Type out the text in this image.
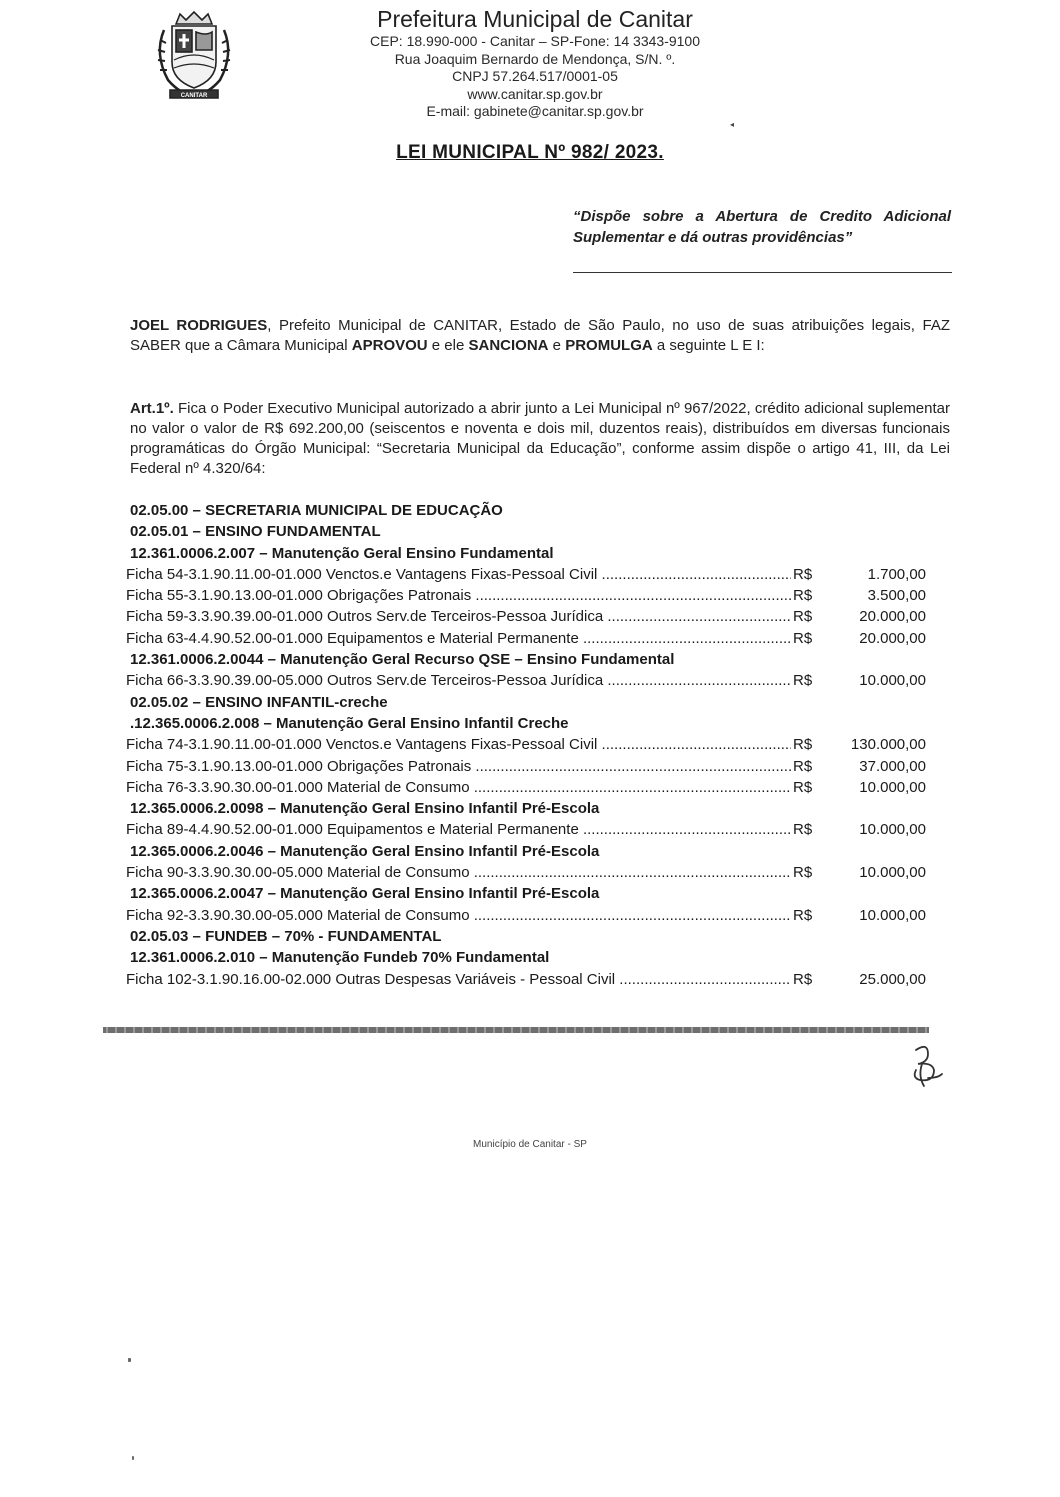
CANITAR
Prefeitura Municipal de Canitar
CEP: 18.990-000 - Canitar – SP-Fone: 14 3343-9100
Rua Joaquim Bernardo de Mendonça, S/N. º.
CNPJ 57.264.517/0001-05
www.canitar.sp.gov.br
E-mail: gabinete@canitar.sp.gov.br
◂
LEI MUNICIPAL Nº 982/ 2023.
“Dispõe sobre a Abertura de Credito Adicional Suplementar e dá outras providências”
JOEL RODRIGUES, Prefeito Municipal de CANITAR, Estado de São Paulo, no uso de suas atribuições legais, FAZ SABER que a Câmara Municipal APROVOU e ele SANCIONA e PROMULGA a seguinte L E I:
Art.1º. Fica o Poder Executivo Municipal autorizado a abrir junto a Lei Municipal nº 967/2022, crédito adicional suplementar no valor o valor de R$ 692.200,00 (seiscentos e noventa e dois mil, duzentos reais), distribuídos em diversas funcionais programáticas do Órgão Municipal: “Secretaria Municipal da Educação”, conforme assim dispõe o artigo 41, III, da Lei Federal nº 4.320/64:
02.05.00 – SECRETARIA MUNICIPAL DE EDUCAÇÃO
02.05.01 – ENSINO FUNDAMENTAL
12.361.0006.2.007 – Manutenção Geral Ensino Fundamental
Ficha 54-3.1.90.11.00-01.000 Venctos.e Vantagens Fixas-Pessoal Civil .....	R$	1.700,00
Ficha 55-3.1.90.13.00-01.000 Obrigações Patronais .....	R$	3.500,00
Ficha 59-3.3.90.39.00-01.000 Outros Serv.de Terceiros-Pessoa Jurídica .....	R$	20.000,00
Ficha 63-4.4.90.52.00-01.000 Equipamentos e Material Permanente .....	R$	20.000,00
12.361.0006.2.0044 – Manutenção Geral Recurso QSE – Ensino Fundamental
Ficha 66-3.3.90.39.00-05.000 Outros Serv.de Terceiros-Pessoa Jurídica .....	R$	10.000,00
02.05.02 – ENSINO INFANTIL-creche
.12.365.0006.2.008 – Manutenção Geral Ensino Infantil Creche
Ficha 74-3.1.90.11.00-01.000 Venctos.e Vantagens Fixas-Pessoal Civil .....	R$	130.000,00
Ficha 75-3.1.90.13.00-01.000 Obrigações Patronais .....	R$	37.000,00
Ficha 76-3.3.90.30.00-01.000 Material de Consumo .....	R$	10.000,00
12.365.0006.2.0098 – Manutenção Geral Ensino Infantil Pré-Escola
Ficha 89-4.4.90.52.00-01.000 Equipamentos e Material Permanente .....	R$	10.000,00
12.365.0006.2.0046 – Manutenção Geral Ensino Infantil Pré-Escola
Ficha 90-3.3.90.30.00-05.000 Material de Consumo .....	R$	10.000,00
12.365.0006.2.0047 – Manutenção Geral Ensino Infantil Pré-Escola
Ficha 92-3.3.90.30.00-05.000 Material de Consumo .....	R$	10.000,00
02.05.03 – FUNDEB – 70% - FUNDAMENTAL
12.361.0006.2.010 – Manutenção Fundeb 70% Fundamental
Ficha 102-3.1.90.16.00-02.000 Outras Despesas Variáveis - Pessoal Civil .....	R$	25.000,00
Município de Canitar - SP
